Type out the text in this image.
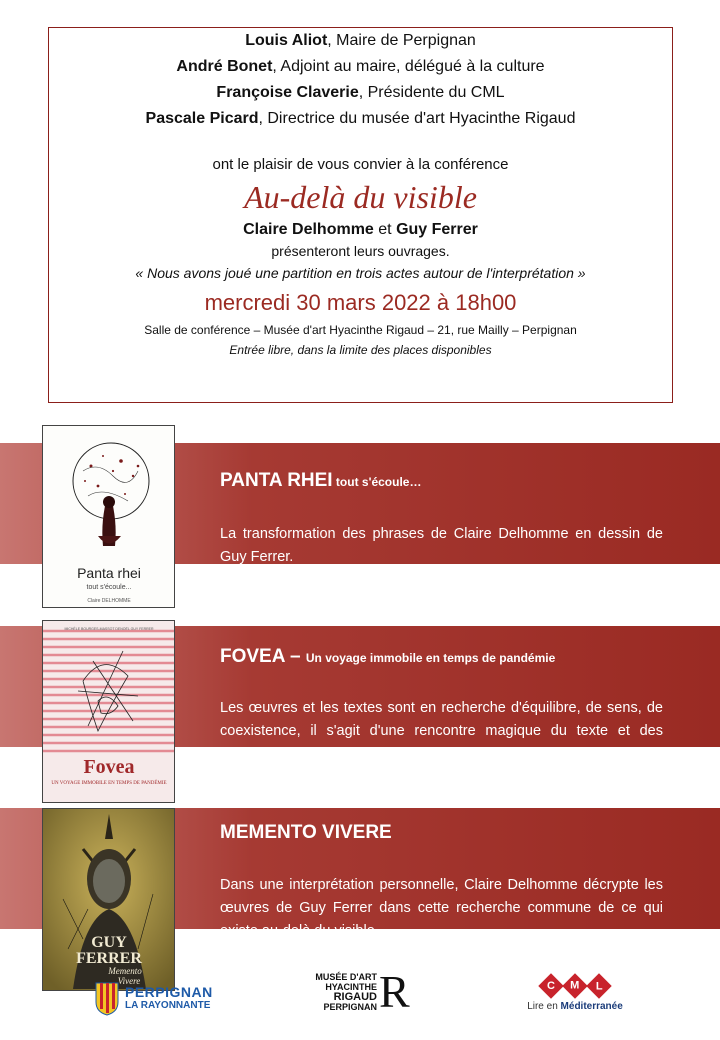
Louis Aliot, Maire de Perpignan
André Bonet, Adjoint au maire, délégué à la culture
Françoise Claverie, Présidente du CML
Pascale Picard, Directrice du musée d'art Hyacinthe Rigaud
ont le plaisir de vous convier à la conférence
Au-delà du visible
Claire Delhomme et Guy Ferrer
présenteront leurs ouvrages.
« Nous avons joué une partition en trois actes autour de l'interprétation »
mercredi 30 mars 2022 à 18h00
Salle de conférence – Musée d'art Hyacinthe Rigaud – 21, rue Mailly – Perpignan
Entrée libre, dans la limite des places disponibles
Panta rhei
tout s'écoule...
Claire DELHOMME
MICHÈLE BOURGES-MASSOT DENOËL GUY FERRER
Fovea
UN VOYAGE IMMOBILE EN TEMPS DE PANDÉMIE
GUY
FERRER
Memento
Vivere
PANTA RHEI tout s'écoule…
La transformation des phrases de Claire Delhomme en dessin de Guy Ferrer.
FOVEA – Un voyage immobile en temps de pandémie
Les œuvres et les textes sont en recherche d'équilibre, de sens, de coexistence, il s'agit d'une rencontre magique du texte et des œuvres.
MEMENTO VIVERE
Dans une interprétation personnelle, Claire Delhomme décrypte les œuvres de Guy Ferrer dans cette recherche commune de ce qui existe au-delà du visible.
PERPIGNAN
LA RAYONNANTE
MUSÉE D'ART
HYACINTHE
RIGAUD
PERPIGNAN R	C M L
Lire en Méditerranée
